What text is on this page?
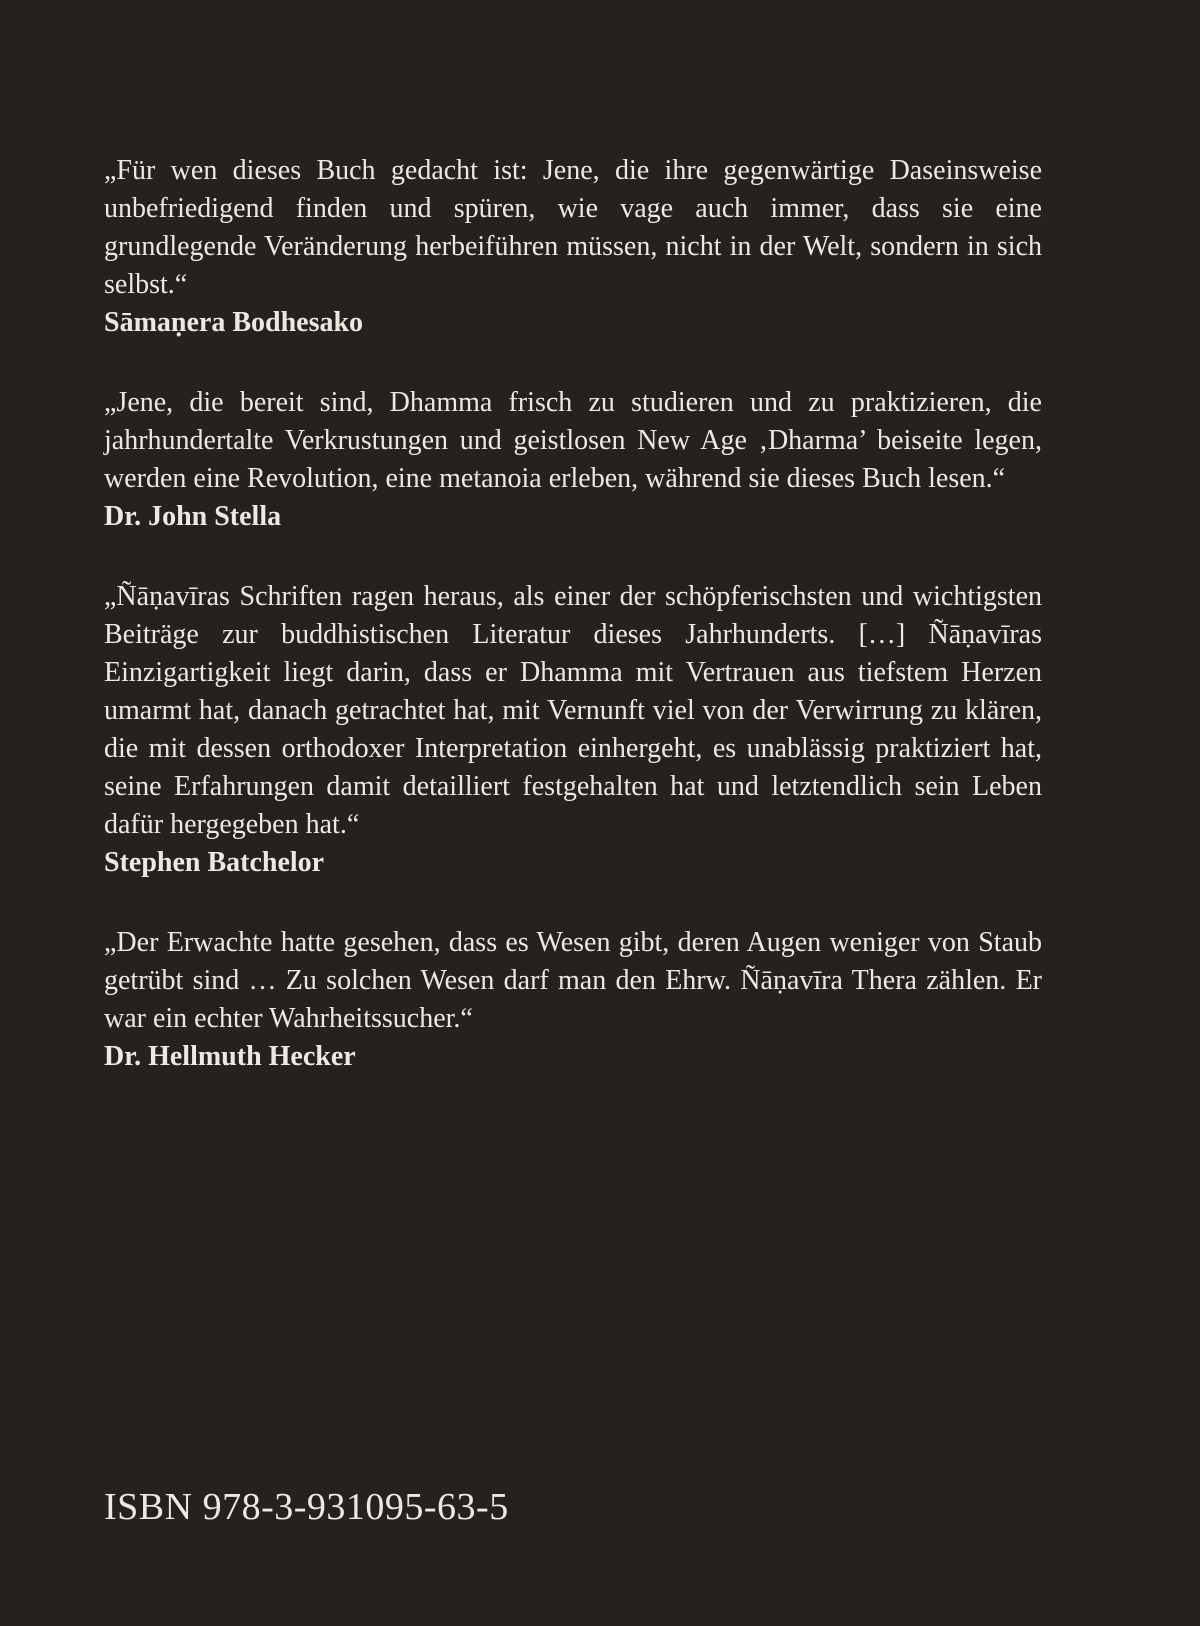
„Für wen dieses Buch gedacht ist: Jene, die ihre gegenwärtige Daseinsweise unbefriedigend finden und spüren, wie vage auch immer, dass sie eine grundlegende Veränderung herbeiführen müssen, nicht in der Welt, sondern in sich selbst.“

Sāmaṇera Bodhesako

„Jene, die bereit sind, Dhamma frisch zu studieren und zu praktizieren, die jahrhundertalte Verkrustungen und geistlosen New Age ‚Dharma’ beiseite legen, werden eine Revolution, eine metanoia erleben, während sie dieses Buch lesen.“

Dr. John Stella

„Ñāṇavīras Schriften ragen heraus, als einer der schöpferischsten und wichtigsten Beiträge zur buddhistischen Literatur dieses Jahrhunderts. […] Ñāṇavīras Einzigartigkeit liegt darin, dass er Dhamma mit Vertrauen aus tiefstem Herzen umarmt hat, danach getrachtet hat, mit Vernunft viel von der Verwirrung zu klären, die mit dessen orthodoxer Interpretation einhergeht, es unablässig praktiziert hat, seine Erfahrungen damit detailliert festgehalten hat und letztendlich sein Leben dafür hergegeben hat.“

Stephen Batchelor

„Der Erwachte hatte gesehen, dass es Wesen gibt, deren Augen weniger von Staub getrübt sind … Zu solchen Wesen darf man den Ehrw. Ñāṇavīra Thera zählen. Er war ein echter Wahrheitssucher.“

Dr. Hellmuth Hecker

ISBN 978-3-931095-63-5
